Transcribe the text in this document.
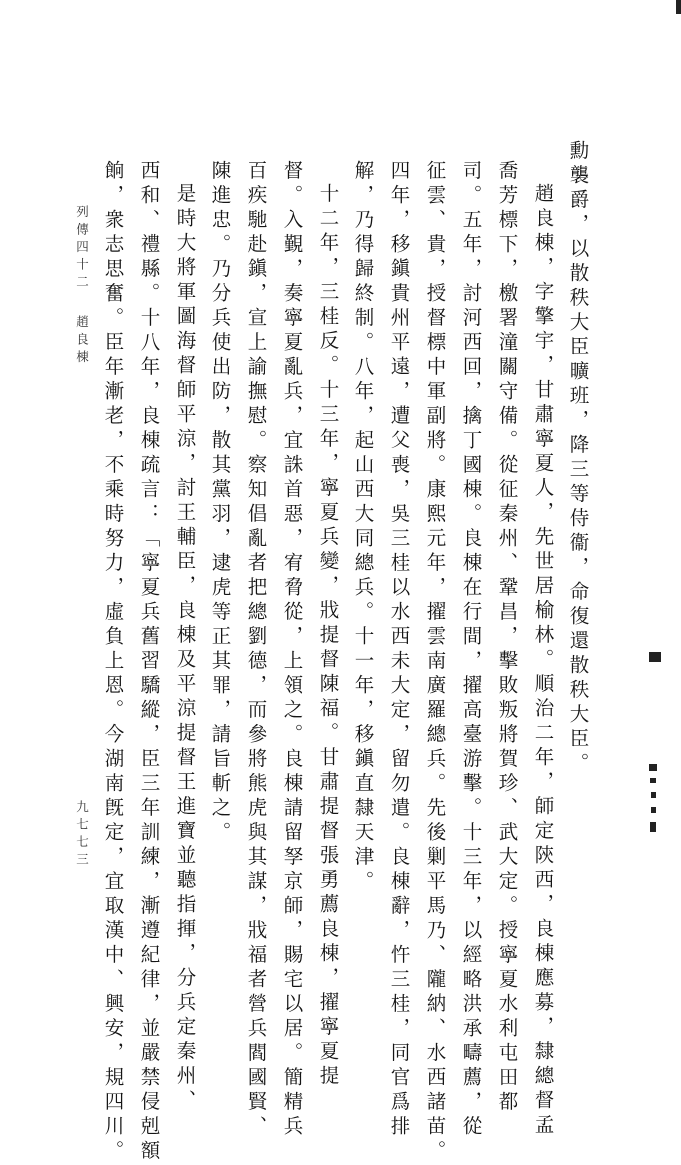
勳襲爵，以散秩大臣曠班，降三等侍衞，命復還散秩大臣。
趙良棟，字擎宇，甘肅寧夏人，先世居榆林。順治二年，師定陝西，良棟應募，隸總督孟
喬芳標下，檄署潼關守備。從征秦州、鞏昌，擊敗叛將賀珍、武大定。授寧夏水利屯田都
司。五年，討河西回，擒丁國棟。良棟在行間，擢高臺游擊。十三年，以經略洪承疇薦，從
征雲、貴，授督標中軍副將。康熙元年，擢雲南廣羅總兵。先後剿平馬乃、隴納、水西諸苗。
四年，移鎭貴州平遠，遭父喪，吳三桂以水西未大定，留勿遣。良棟辭，忤三桂，同官爲排
解，乃得歸終制。八年，起山西大同總兵。十一年，移鎭直隸天津。
十二年，三桂反。十三年，寧夏兵變，戕提督陳福。甘肅提督張勇薦良棟，擢寧夏提
督。入覲，奏寧夏亂兵，宜誅首惡，宥脅從，上領之。良棟請留孥京師，賜宅以居。簡精兵
百疾馳赴鎭，宣上諭撫慰。察知倡亂者把總劉德，而參將熊虎與其謀，戕福者營兵閻國賢、
陳進忠。乃分兵使出防，散其黨羽，逮虎等正其罪，請旨斬之。
是時大將軍圖海督師平涼，討王輔臣，良棟及平涼提督王進寶並聽指揮，分兵定秦州、
西和、禮縣。十八年，良棟疏言：「寧夏兵舊習驕縱，臣三年訓練，漸遵紀律，並嚴禁侵剋額
餉，衆志思奮。臣年漸老，不乘時努力，虛負上恩。今湖南旣定，宜取漢中、興安，規四川。
列傳四十二
趙良棟
九七七三
